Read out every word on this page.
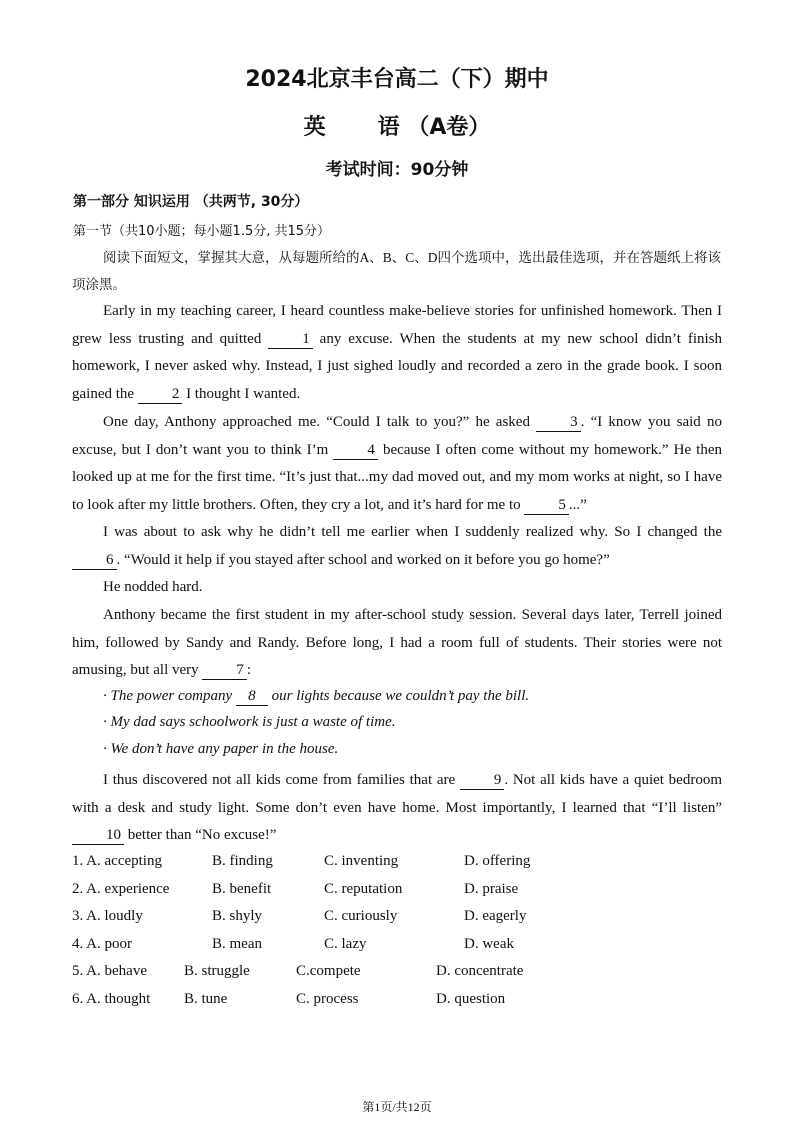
2024北京丰台高二（下）期中
英 语 （A卷）
考试时间：90分钟
第一部分 知识运用 （共两节, 30分）
第一节（共10小题；每小题1.5分, 共15分）
阅读下面短文，掌握其大意，从每题所给的A、B、C、D四个选项中，选出最佳选项，并在答题纸上将该项涂黑。
Early in my teaching career, I heard countless make-believe stories for unfinished homework. Then I grew less trusting and quitted 1 any excuse. When the students at my new school didn’t finish homework, I never asked why. Instead, I just sighed loudly and recorded a zero in the grade book. I soon gained the 2 I thought I wanted.
One day, Anthony approached me. “Could I talk to you?” he asked 3 . “I know you said no excuse, but I don’t want you to think I’m 4 because I often come without my homework.” He then looked up at me for the first time. “It’s just that...my dad moved out, and my mom works at night, so I have to look after my little brothers. Often, they cry a lot, and it’s hard for me to 5 ...”
I was about to ask why he didn’t tell me earlier when I suddenly realized why. So I changed the 6 . “Would it help if you stayed after school and worked on it before you go home?”
He nodded hard.
Anthony became the first student in my after-school study session. Several days later, Terrell joined him, followed by Sandy and Randy. Before long, I had a room full of students. Their stories were not amusing, but all very 7 :
· The power company 8 our lights because we couldn’t pay the bill.
· My dad says schoolwork is just a waste of time.
· We don’t have any paper in the house.
I thus discovered not all kids come from families that are 9 . Not all kids have a quiet bedroom with a desk and study light. Some don’t even have home. Most importantly, I learned that “I’ll listen” 10 better than “No excuse!”
1. A. accepting	B. finding	C. inventing	D. offering
2. A. experience	B. benefit	C. reputation	D. praise
3. A. loudly	B. shyly	C. curiously	D. eagerly
4. A. poor	B. mean	C. lazy	D. weak
5. A. behave B. struggle	C.compete	D. concentrate
6. A. thought B. tune	C. process	D. question
第1页/共12页
